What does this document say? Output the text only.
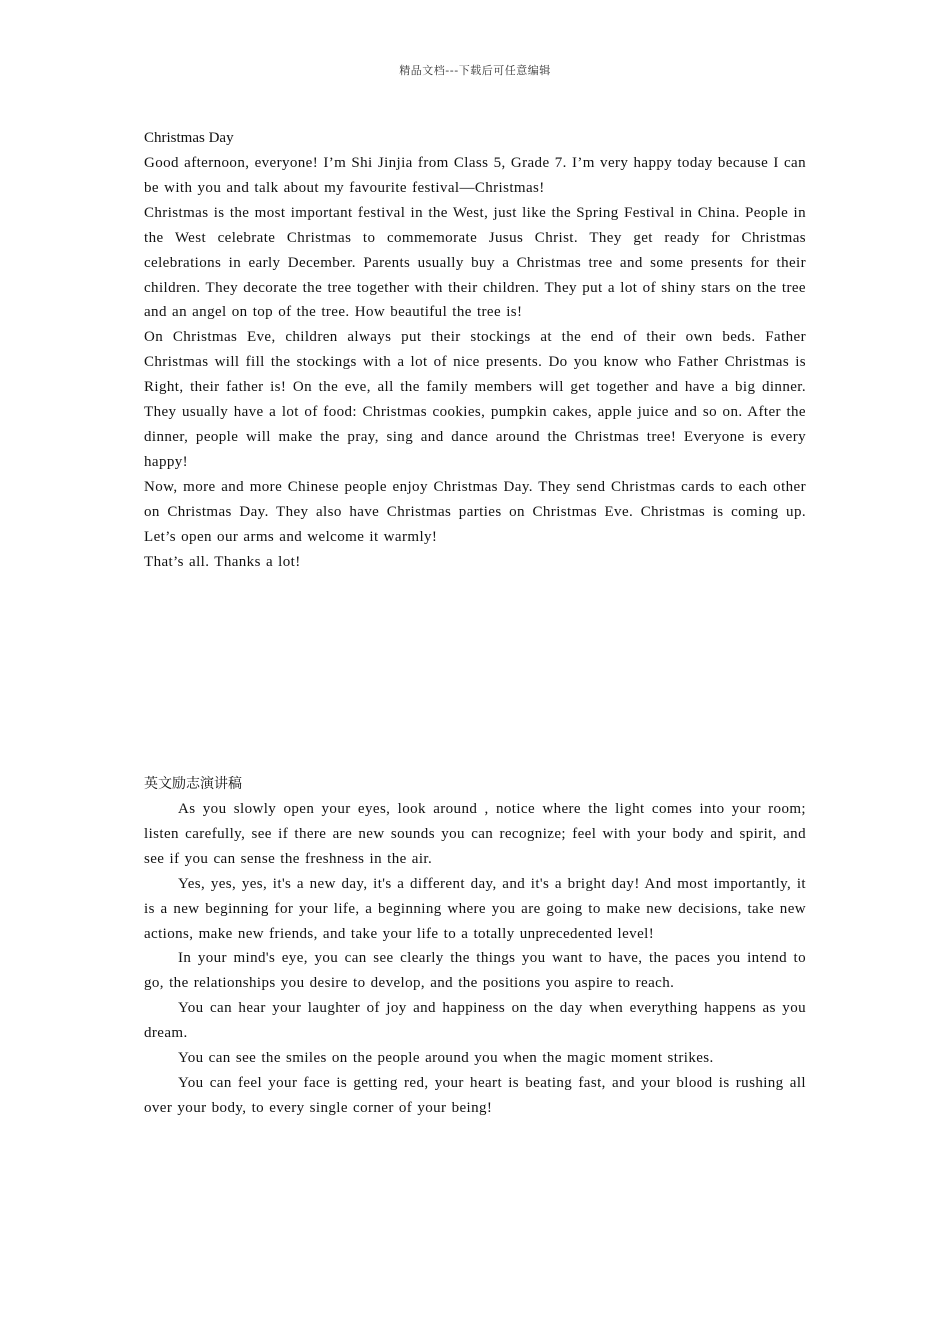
精品文档---下载后可任意编辑
Christmas Day

Good afternoon, everyone! I’m Shi Jinjia from Class 5, Grade 7. I’m very happy today because I can be with you and talk about my favourite festival—Christmas!

Christmas is the most important festival in the West, just like the Spring Festival in China. People in the West celebrate Christmas to commemorate Jusus Christ. They get ready for Christmas celebrations in early December. Parents usually buy a Christmas tree and some presents for their children. They decorate the tree together with their children. They put a lot of shiny stars on the tree and an angel on top of the tree. How beautiful the tree is!

On Christmas Eve, children always put their stockings at the end of their own beds. Father Christmas will fill the stockings with a lot of nice presents. Do you know who Father Christmas is Right, their father is! On the eve, all the family members will get together and have a big dinner. They usually have a lot of food: Christmas cookies, pumpkin cakes, apple juice and so on. After the dinner, people will make the pray, sing and dance around the Christmas tree! Everyone is every happy!

Now, more and more Chinese people enjoy Christmas Day. They send Christmas cards to each other on Christmas Day. They also have Christmas parties on Christmas Eve. Christmas is coming up. Let’s open our arms and welcome it warmly!

That’s all. Thanks a lot!

英文励志演讲稿

As you slowly open your eyes, look around , notice where the light comes into your room; listen carefully, see if there are new sounds you can recognize; feel with your body and spirit, and see if you can sense the freshness in the air.

Yes, yes, yes, it's a new day, it's a different day, and it's a bright day! And most importantly, it is a new beginning for your life, a beginning where you are going to make new decisions, take new actions, make new friends, and take your life to a totally unprecedented level!

In your mind's eye, you can see clearly the things you want to have, the paces you intend to go, the relationships you desire to develop, and the positions you aspire to reach.

You can hear your laughter of joy and happiness on the day when everything happens as you dream.

You can see the smiles on the people around you when the magic moment strikes.

You can feel your face is getting red, your heart is beating fast, and your blood is rushing all over your body, to every single corner of your being!
